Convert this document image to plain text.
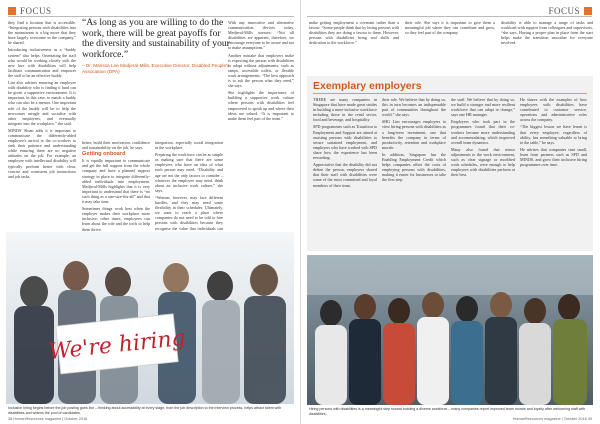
FOCUS
“As long as you are willing to do the work, there will be great payoffs for the diversity and sustainability of your workforce.”
– Dr. Marissa Lee Medjeral-Mills, Executive Director, Disabled People's Association (DPA)

they find a location that is accessible. “Integrating persons with disabilities into the mainstream is a big move that they have largely overcome in the company,” he shared.

Introducing inclusiveness as a “buddy system” also helps. Orientating the staff who would be working closely with the new hire with disabilities will help facilitate communication and empower the staff to be an effective buddy.

Lim also advises ensuring an employee with disability who is finding it hard can be given a supportive environment. It is important, in this case, to match a buddy who can also be a mentor. One important role of the buddy will be to help the newcomer mingle and socialise with other employees, and eventually integrate into the workplace,” she said.

MINDS' Shiau adds it is important to communicate the differently-abled employee's arrival to the co-workers to seek their patience and understanding while ensuring there are no negative attitudes on the job. For example, an employee with intellectual disability will typically perform better with clear, concise and consistent job instructions and job tasks.

better, build their motivation, confidence and sustainability on the job, he says.

Getting onboard

It is equally important to communicate and get the full support from the whole company and have a planned support strategy in place to integrate differently-abled individuals into employment. Medjeral-Mills highlights that it is very important to understand that there is “no such thing as a one-size-fits-all” and that it may take time.

Sometimes things work best when the employer makes their workplace more inclusive; other times, employees can learn about the role and the tools to help them thrive.

integration, especially social integration in the workplace.

Preparing the workforce can be as simple as making sure that there are some employees who have an idea of what each person may need. “Disability and age are not the only factors to consider – whatever the employee may need, think about an inclusive work culture,” she says.

“Women, however, may face different hurdles, and they may need some flexibility in their schedules. Ultimately, we want to reach a place where companies do not need to be told to hire persons with disabilities because they recognise the value that individuals can

With any innovative and alternative communication devices today, Medjeral-Mills stresses: “Not all disabilities are apparent, therefore, we encourage everyone to be aware and not to make assumptions.”

Another mistake that employers make is expecting the person with disabilities to adapt without adjustments, such as ramps, accessible toilets, or flexible work arrangements. “The best approach is to ask the person what they need,” she says.

She highlights the importance of building a supportive work culture where persons with disabilities feel empowered to speak up and where their ideas are valued. “It is important to make them feel part of the team.”

We're hiring
Inclusive hiring begins before the job posting goes live – thinking about accessibility at every stage, from the job description to the interview process, helps attract talent with disabilities and widens the pool of candidates.
38 HumanResources magazine | October 2016
FOCUS

make getting employment a covenant rather than a favour. “Some people think that by hiring persons with disabilities they are doing a favour to them. However, persons with disabilities bring real skills and dedication to the workforce.”

their role. She says it is important to give them a meaningful job where they can contribute and grow, so they feel part of the company.

disability is able to manage a range of tasks and workload with support from colleagues and supervisors, “she says. Having a proper plan in place from the start helps make the transition smoother for everyone involved.

Exemplary employers

THERE are many companies in Singapore that have made great strides in building a more inclusive workforce including those in the retail sector, food and beverage, and hospitality.

SPD programmes such as Transition to Employment and Support are aimed at assisting persons with disabilities to secure sustained employment, and employers who have worked with SPD share how the experience has been rewarding.

Appreciative that the disability did not define the person, employers shared that their staff with disabilities were some of the most committed and loyal members of their team.

their role. We believe that by doing so, this in turn becomes an indispensable part of communities throughout the world,” she says.

SHG Lim encourages employers to view hiring persons with disabilities as a long-term investment, one that benefits the company in terms of productivity, retention and workplace morale.

In addition, Singapore has the Enabling Employment Credit which helps companies offset the costs of employing persons with disabilities, making it easier for businesses to take the first step.

the staff. We believe that by doing so, we build a stronger and more resilient workforce that can adapt to change,” says one HR manager.

Employers who took part in the programmes found that their co-workers became more understanding and accommodating, which improved overall team dynamics.

Many also found that minor adjustments to the work environment, such as clear signage or modified work schedules, were enough to help employees with disabilities perform at their best.

He shares with the examples of how employees with disabilities have contributed to customer service, operations and administrative roles across the company.

“The biggest lesson we have learnt is that every employee, regardless of ability, has something valuable to bring to the table,” he says.

He advises that companies start small, learn from partners such as SPD and MINDS, and grow their inclusive hiring programmes over time.

Hiring persons with disabilities is a meaningful step toward building a diverse workforce – many companies report improved team morale and loyalty after welcoming staff with disabilities.
HumanResources magazine | October 2016 39
